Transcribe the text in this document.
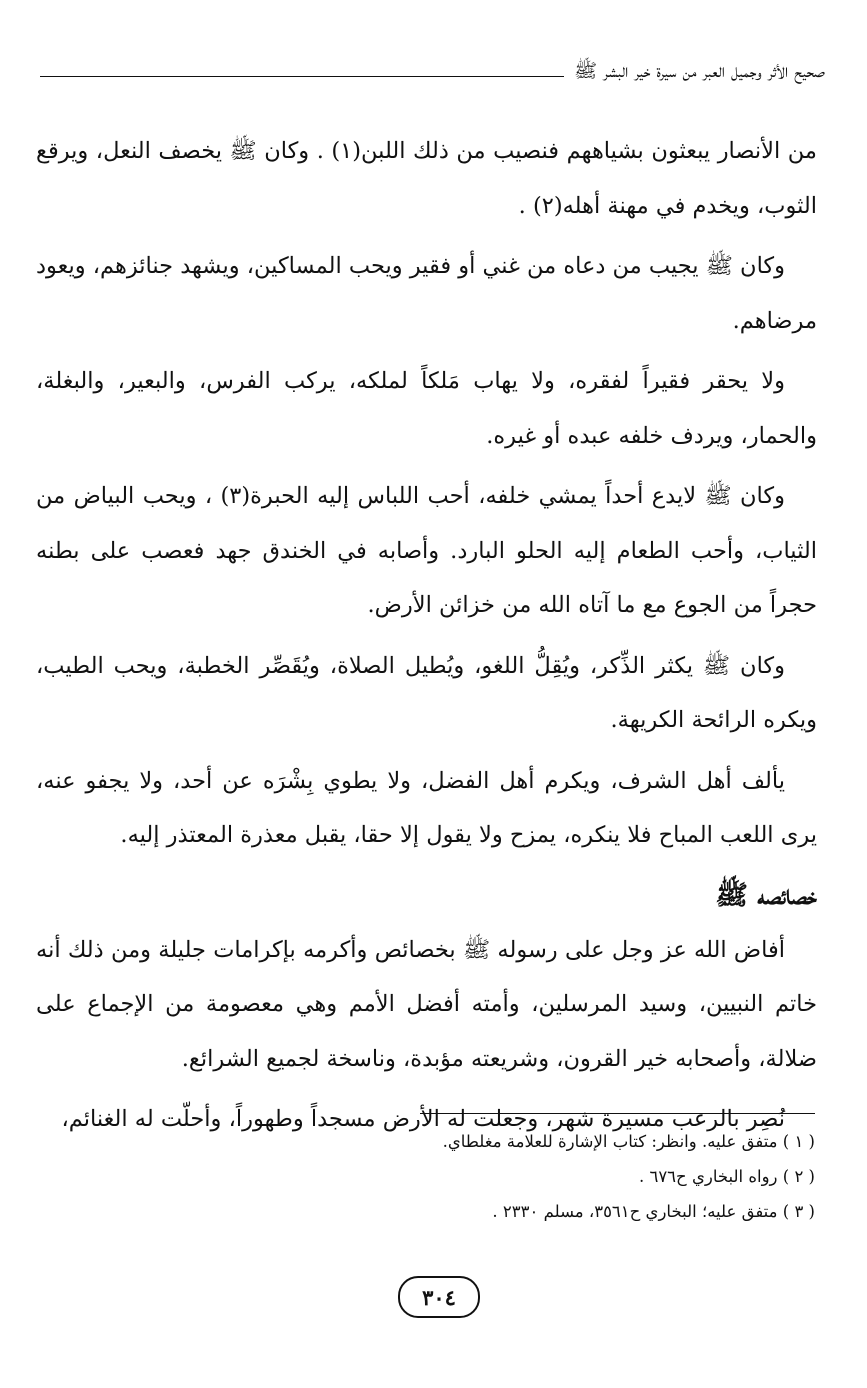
صحيح الأثر وجميل العبر من سيرة خير البشر ﷺ

من الأنصار يبعثون بشياههم فنصيب من ذلك اللبن(١) . وكان ﷺ يخصف النعل، ويرقع الثوب، ويخدم في مهنة أهله(٢) .

وكان ﷺ يجيب من دعاه من غني أو فقير ويحب المساكين، ويشهد جنائزهم، ويعود مرضاهم.

ولا يحقر فقيراً لفقره، ولا يهاب مَلكاً لملكه، يركب الفرس، والبعير، والبغلة، والحمار، ويردف خلفه عبده أو غيره.

وكان ﷺ لايدع أحداً يمشي خلفه، أحب اللباس إليه الحبرة(٣) ، ويحب البياض من الثياب، وأحب الطعام إليه الحلو البارد. وأصابه في الخندق جهد فعصب على بطنه حجراً من الجوع مع ما آتاه الله من خزائن الأرض.

وكان ﷺ يكثر الذِّكر، ويُقِلُّ اللغو، ويُطيل الصلاة، ويُقَصِّر الخطبة، ويحب الطيب، ويكره الرائحة الكريهة.

يألف أهل الشرف، ويكرم أهل الفضل، ولا يطوي بِشْرَه عن أحد، ولا يجفو عنه، يرى اللعب المباح فلا ينكره، يمزح ولا يقول إلا حقا، يقبل معذرة المعتذر إليه.

خصائصه ﷺ

أفاض الله عز وجل على رسوله ﷺ بخصائص وأكرمه بإكرامات جليلة ومن ذلك أنه خاتم النبيين، وسيد المرسلين، وأمته أفضل الأمم وهي معصومة من الإجماع على ضلالة، وأصحابه خير القرون، وشريعته مؤبدة، وناسخة لجميع الشرائع.

نُصِر بالرعب مسيرة شهر، وجعلت له الأرض مسجداً وطهوراً، وأحلّت له الغنائم،

( ١ ) متفق عليه. وانظر: كتاب الإشارة للعلامة مغلطاي.
( ٢ ) رواه البخاري ح٦٧٦ .
( ٣ ) متفق عليه؛ البخاري ح٣٥٦١، مسلم ٢٣٣٠ .
٣٠٤
